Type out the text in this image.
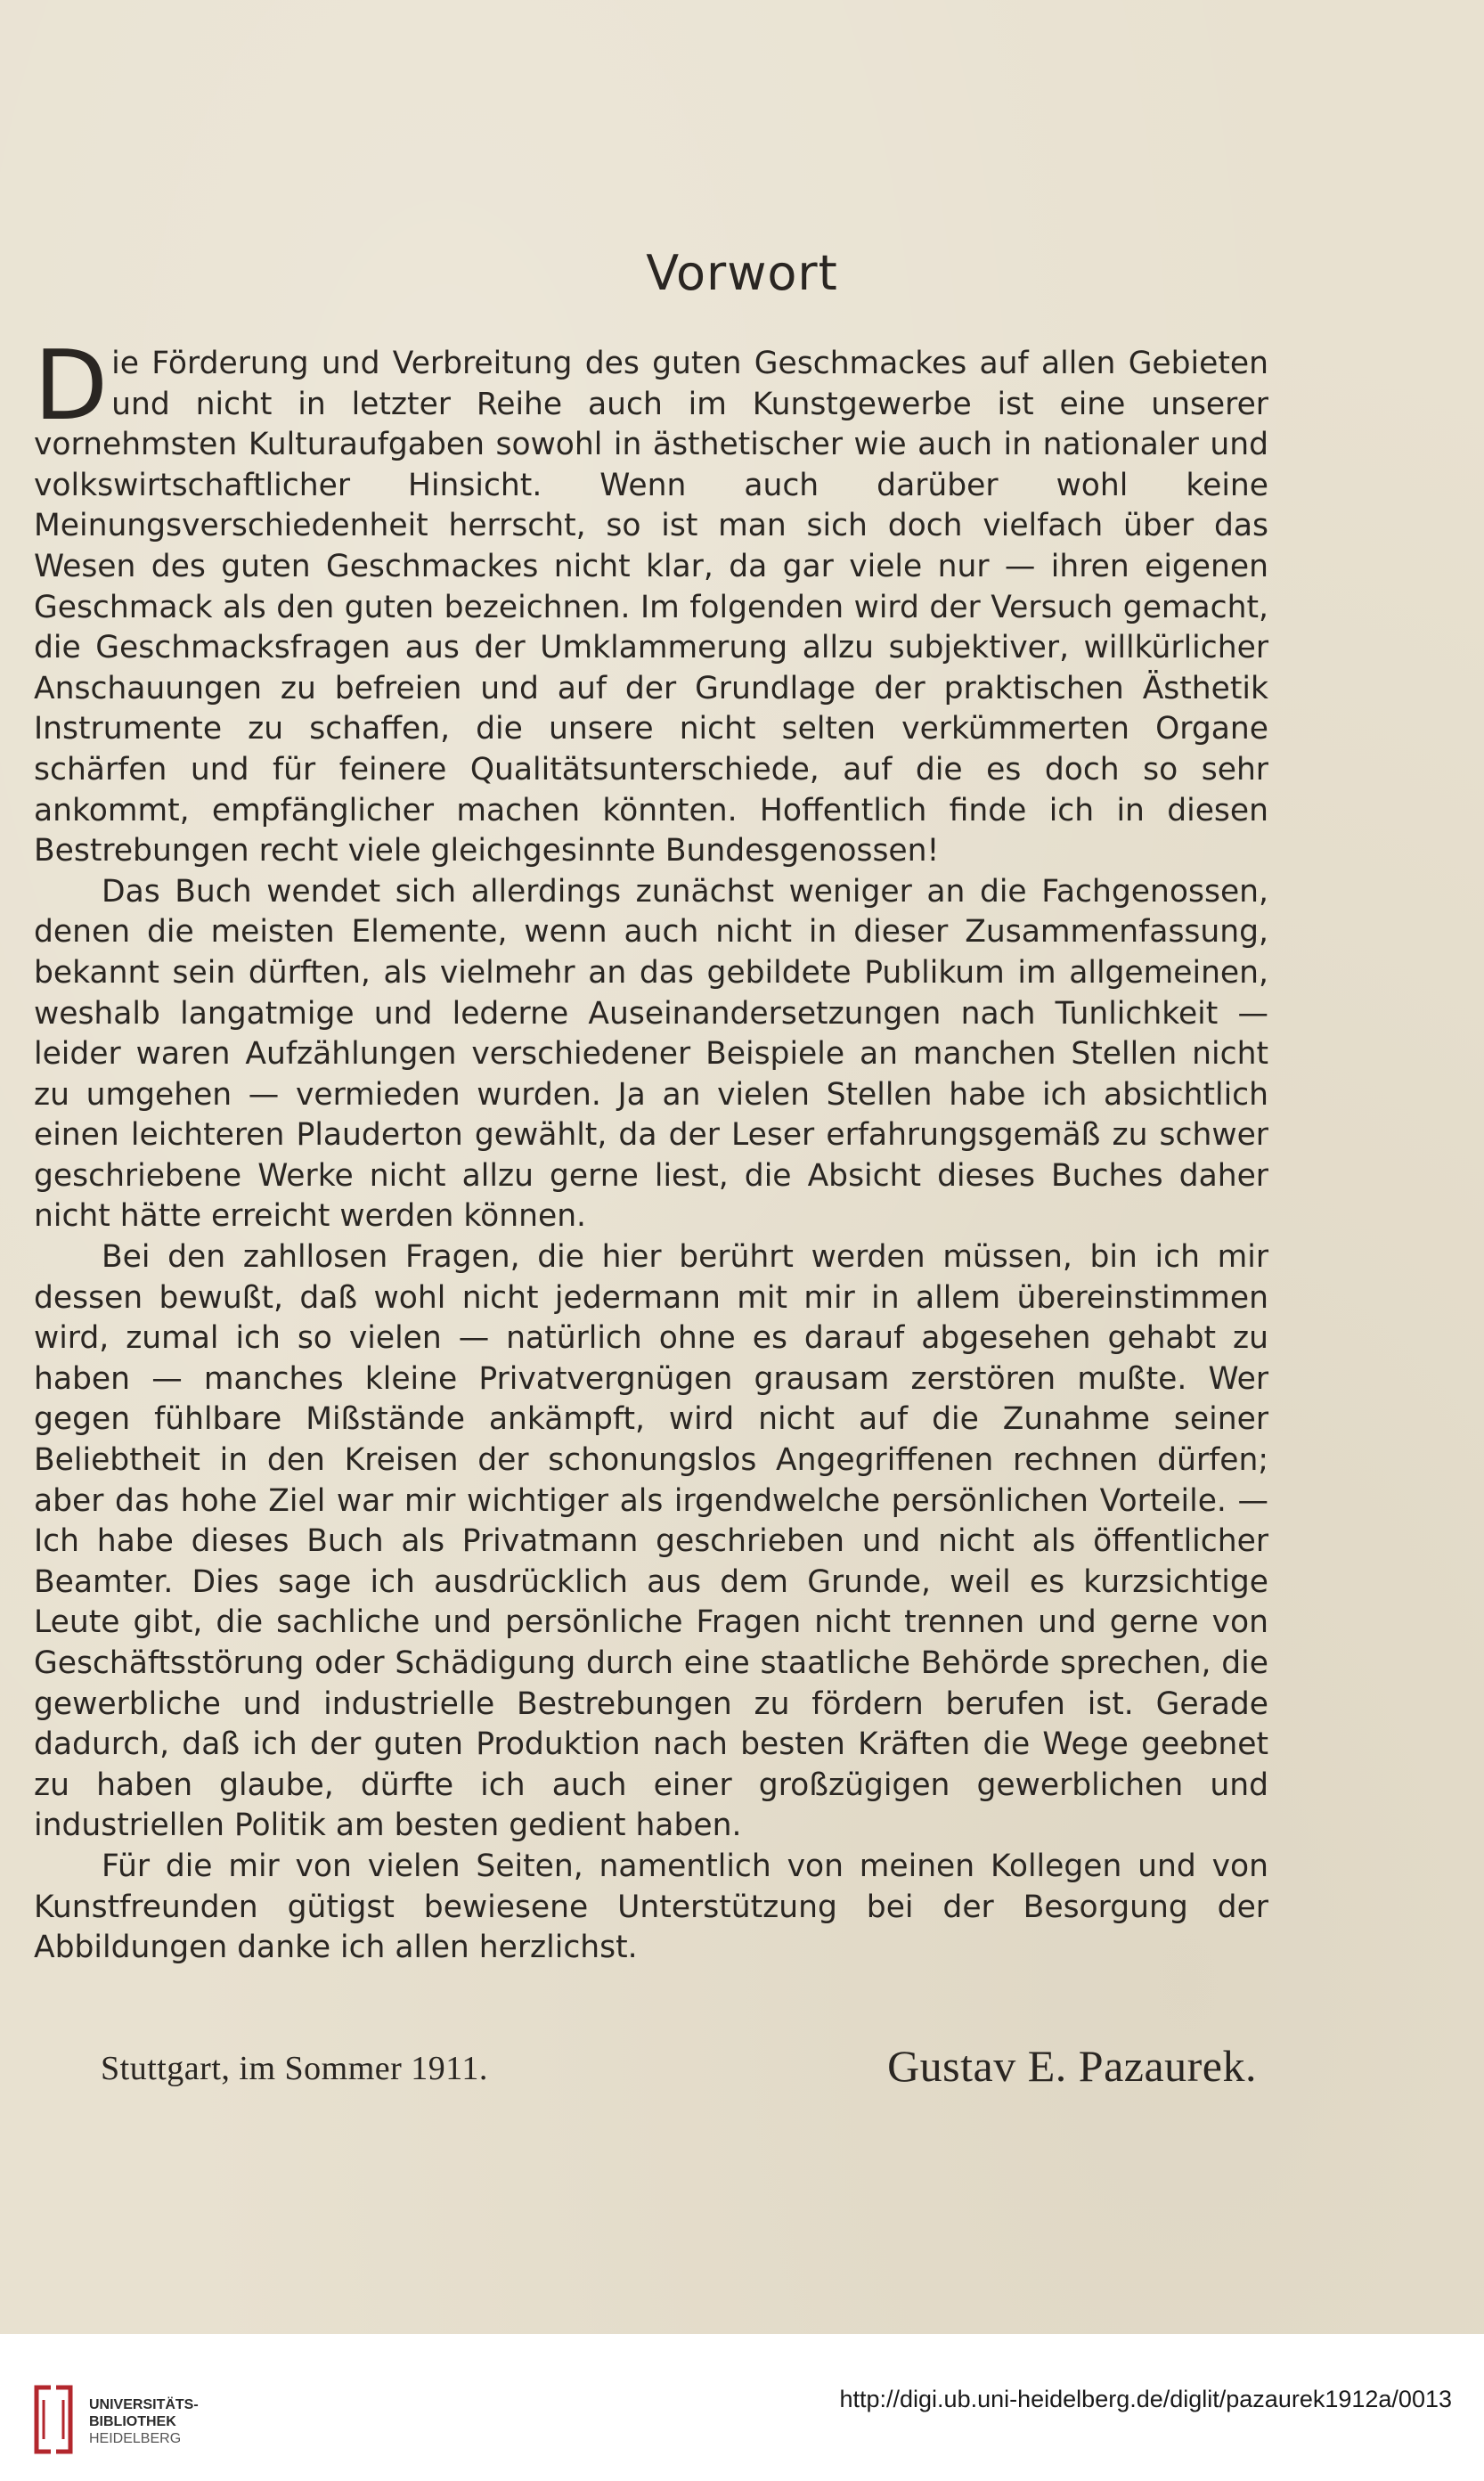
Vorwort

Die Förderung und Verbreitung des guten Geschmackes auf allen Gebieten und nicht in letzter Reihe auch im Kunstgewerbe ist eine unserer vornehmsten Kulturaufgaben sowohl in ästhetischer wie auch in nationaler und volkswirtschaftlicher Hinsicht. Wenn auch darüber wohl keine Meinungsverschiedenheit herrscht, so ist man sich doch vielfach über das Wesen des guten Geschmackes nicht klar, da gar viele nur — ihren eigenen Geschmack als den guten bezeichnen. Im folgenden wird der Versuch gemacht, die Geschmacksfragen aus der Umklammerung allzu subjektiver, willkürlicher Anschauungen zu befreien und auf der Grundlage der praktischen Ästhetik Instrumente zu schaffen, die unsere nicht selten verkümmerten Organe schärfen und für feinere Qualitätsunterschiede, auf die es doch so sehr ankommt, empfänglicher machen könnten. Hoffentlich finde ich in diesen Bestrebungen recht viele gleichgesinnte Bundesgenossen!

Das Buch wendet sich allerdings zunächst weniger an die Fachgenossen, denen die meisten Elemente, wenn auch nicht in dieser Zusammenfassung, bekannt sein dürften, als vielmehr an das gebildete Publikum im allgemeinen, weshalb langatmige und lederne Auseinandersetzungen nach Tunlichkeit — leider waren Aufzählungen verschiedener Beispiele an manchen Stellen nicht zu umgehen — vermieden wurden. Ja an vielen Stellen habe ich absichtlich einen leichteren Plauderton gewählt, da der Leser erfahrungsgemäß zu schwer geschriebene Werke nicht allzu gerne liest, die Absicht dieses Buches daher nicht hätte erreicht werden können.

Bei den zahllosen Fragen, die hier berührt werden müssen, bin ich mir dessen bewußt, daß wohl nicht jedermann mit mir in allem übereinstimmen wird, zumal ich so vielen — natürlich ohne es darauf abgesehen gehabt zu haben — manches kleine Privatvergnügen grausam zerstören mußte. Wer gegen fühlbare Mißstände ankämpft, wird nicht auf die Zunahme seiner Beliebtheit in den Kreisen der schonungslos Angegriffenen rechnen dürfen; aber das hohe Ziel war mir wichtiger als irgendwelche persönlichen Vorteile. — Ich habe dieses Buch als Privatmann geschrieben und nicht als öffentlicher Beamter. Dies sage ich ausdrücklich aus dem Grunde, weil es kurzsichtige Leute gibt, die sachliche und persönliche Fragen nicht trennen und gerne von Geschäftsstörung oder Schädigung durch eine staatliche Behörde sprechen, die gewerbliche und industrielle Bestrebungen zu fördern berufen ist. Gerade dadurch, daß ich der guten Produktion nach besten Kräften die Wege geebnet zu haben glaube, dürfte ich auch einer großzügigen gewerblichen und industriellen Politik am besten gedient haben.

Für die mir von vielen Seiten, namentlich von meinen Kollegen und von Kunstfreunden gütigst bewiesene Unterstützung bei der Besorgung der Abbildungen danke ich allen herzlichst.

Stuttgart, im Sommer 1911.	Gustav E. Pazaurek.
UNIVERSITÄTS-
BIBLIOTHEK
HEIDELBERG
http://digi.ub.uni-heidelberg.de/diglit/pazaurek1912a/0013
